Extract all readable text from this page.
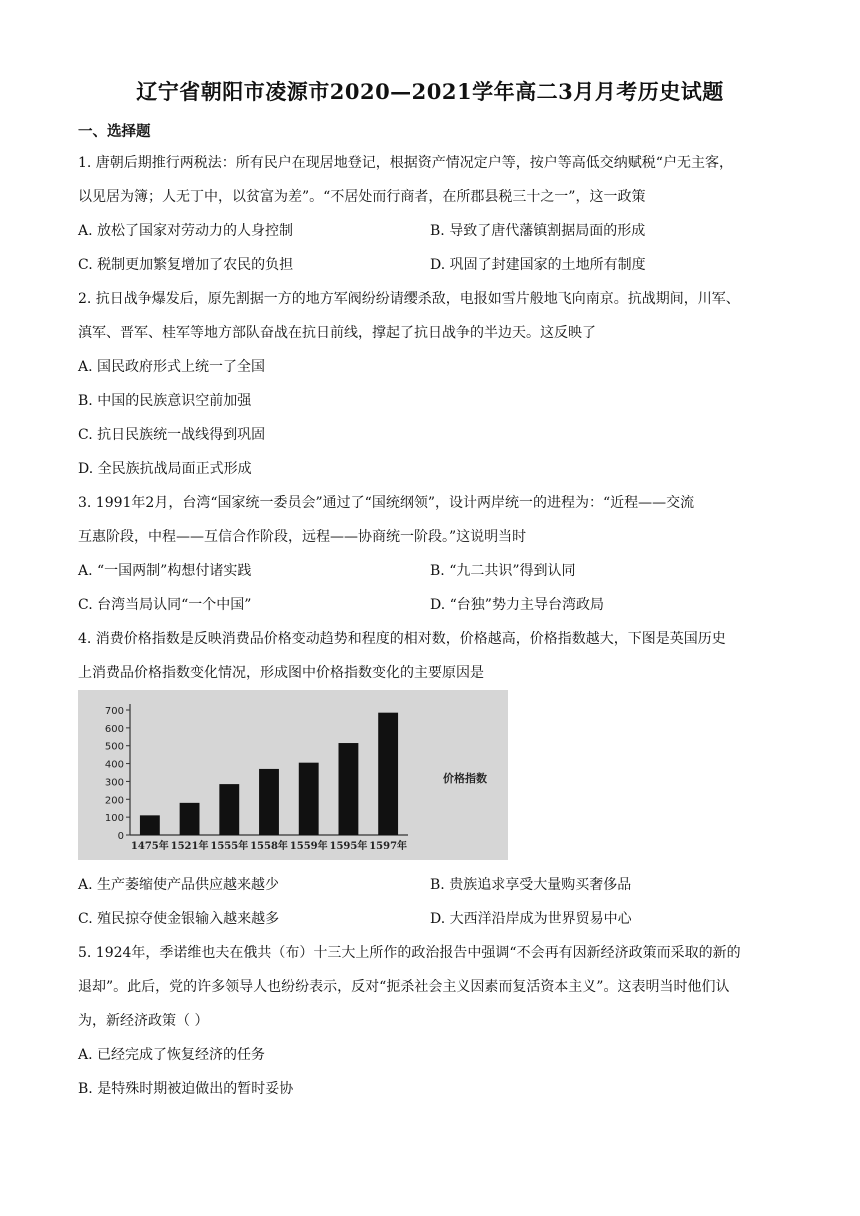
辽宁省朝阳市凌源市2020—2021学年高二3月月考历史试题
一、选择题
1. 唐朝后期推行两税法：所有民户在现居地登记，根据资产情况定户等，按户等高低交纳赋税“户无主客，
以见居为簿；人无丁中，以贫富为差”。“不居处而行商者，在所郡县税三十之一”，这一政策
A. 放松了国家对劳动力的人身控制	B. 导致了唐代藩镇割据局面的形成
C. 税制更加繁复增加了农民的负担	D. 巩固了封建国家的土地所有制度
2. 抗日战争爆发后，原先割据一方的地方军阀纷纷请缨杀敌，电报如雪片般地飞向南京。抗战期间，川军、
滇军、晋军、桂军等地方部队奋战在抗日前线，撑起了抗日战争的半边天。这反映了
A. 国民政府形式上统一了全国
B. 中国的民族意识空前加强
C. 抗日民族统一战线得到巩固
D. 全民族抗战局面正式形成
3. 1991年2月，台湾“国家统一委员会”通过了“国统纲领”，设计两岸统一的进程为：“近程——交流
互惠阶段，中程——互信合作阶段，远程——协商统一阶段。”这说明当时
A. “一国两制”构想付诸实践	B. “九二共识”得到认同
C. 台湾当局认同“一个中国”	D. “台独”势力主导台湾政局
4. 消费价格指数是反映消费品价格变动趋势和程度的相对数，价格越高，价格指数越大，下图是英国历史
上消费品价格指数变化情况，形成图中价格指数变化的主要原因是
0
100
200
300
400
500
600
700
1475年 1521年 1555年 1558年 1559年 1595年 1597年
价格指数
A. 生产萎缩使产品供应越来越少	B. 贵族追求享受大量购买奢侈品
C. 殖民掠夺使金银输入越来越多	D. 大西洋沿岸成为世界贸易中心
5. 1924年，季诺维也夫在俄共（布）十三大上所作的政治报告中强调“不会再有因新经济政策而采取的新的
退却”。此后，党的许多领导人也纷纷表示，反对“扼杀社会主义因素而复活资本主义”。这表明当时他们认
为，新经济政策（ ）
A. 已经完成了恢复经济的任务
B. 是特殊时期被迫做出的暂时妥协
